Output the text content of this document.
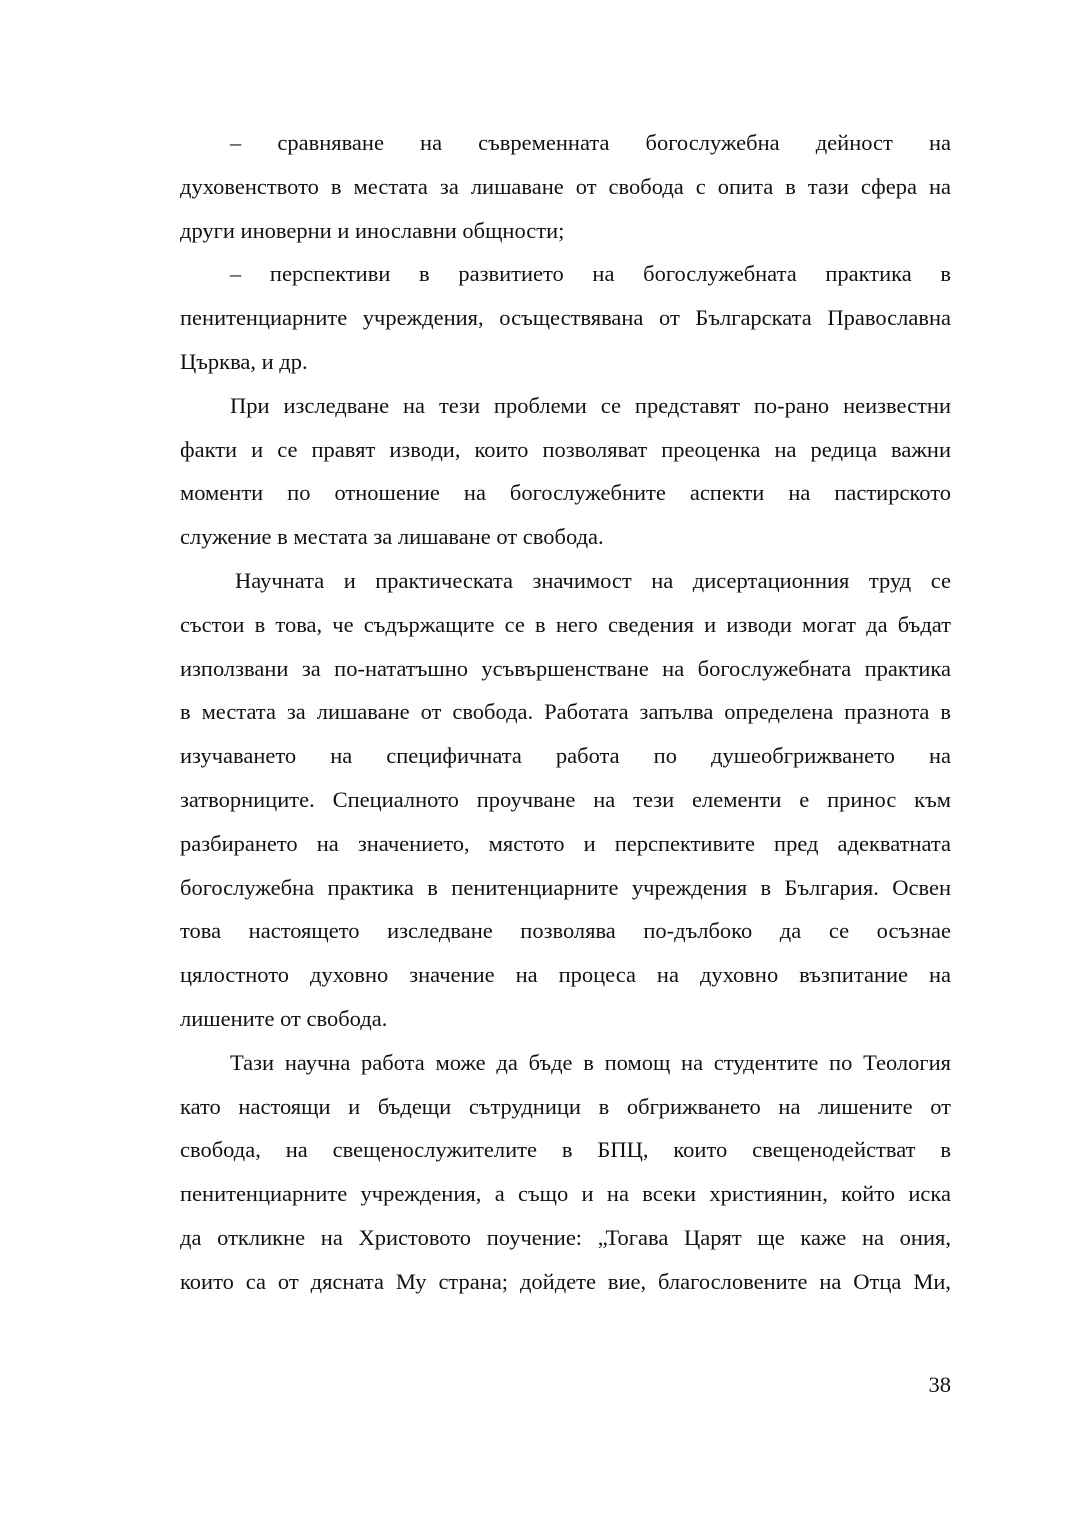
– сравняване на съвременната богослужебна дейност на
духовенството в местата за лишаване от свобода с опита в тази сфера на
други иноверни и инославни общности;
– перспективи в развитието на богослужебната практика в
пенитенциарните учреждения, осъществявана от Българската Православна
Църква, и др.
При изследване на тези проблеми се представят по-рано неизвестни
факти и се правят изводи, които позволяват преоценка на редица важни
моменти по отношение на богослужебните аспекти на пастирското
служение в местата за лишаване от свобода.
Научната и практическата значимост на дисертационния труд се
състои в това, че съдържащите се в него сведения и изводи могат да бъдат
използвани за по-нататъшно усъвършенстване на богослужебната практика
в местата за лишаване от свобода. Работата запълва определена празнота в
изучаването на специфичната работа по душеобгрижването на
затворниците. Специалното проучване на тези елементи е принос към
разбирането на значението, мястото и перспективите пред адекватната
богослужебна практика в пенитенциарните учреждения в България. Освен
това настоящето изследване позволява по-дълбоко да се осъзнае
цялостното духовно значение на процеса на духовно възпитание на
лишените от свобода.
Тази научна работа може да бъде в помощ на студентите по Теология
като настоящи и бъдещи сътрудници в обгрижването на лишените от
свобода, на свещенослужителите в БПЦ, които свещенодействат в
пенитенциарните учреждения, а също и на всеки християнин, който иска
да откликне на Христовото поучение: „Тогава Царят ще каже на ония,
които са от дясната Му страна; дойдете вие, благословените на Отца Ми,
38
